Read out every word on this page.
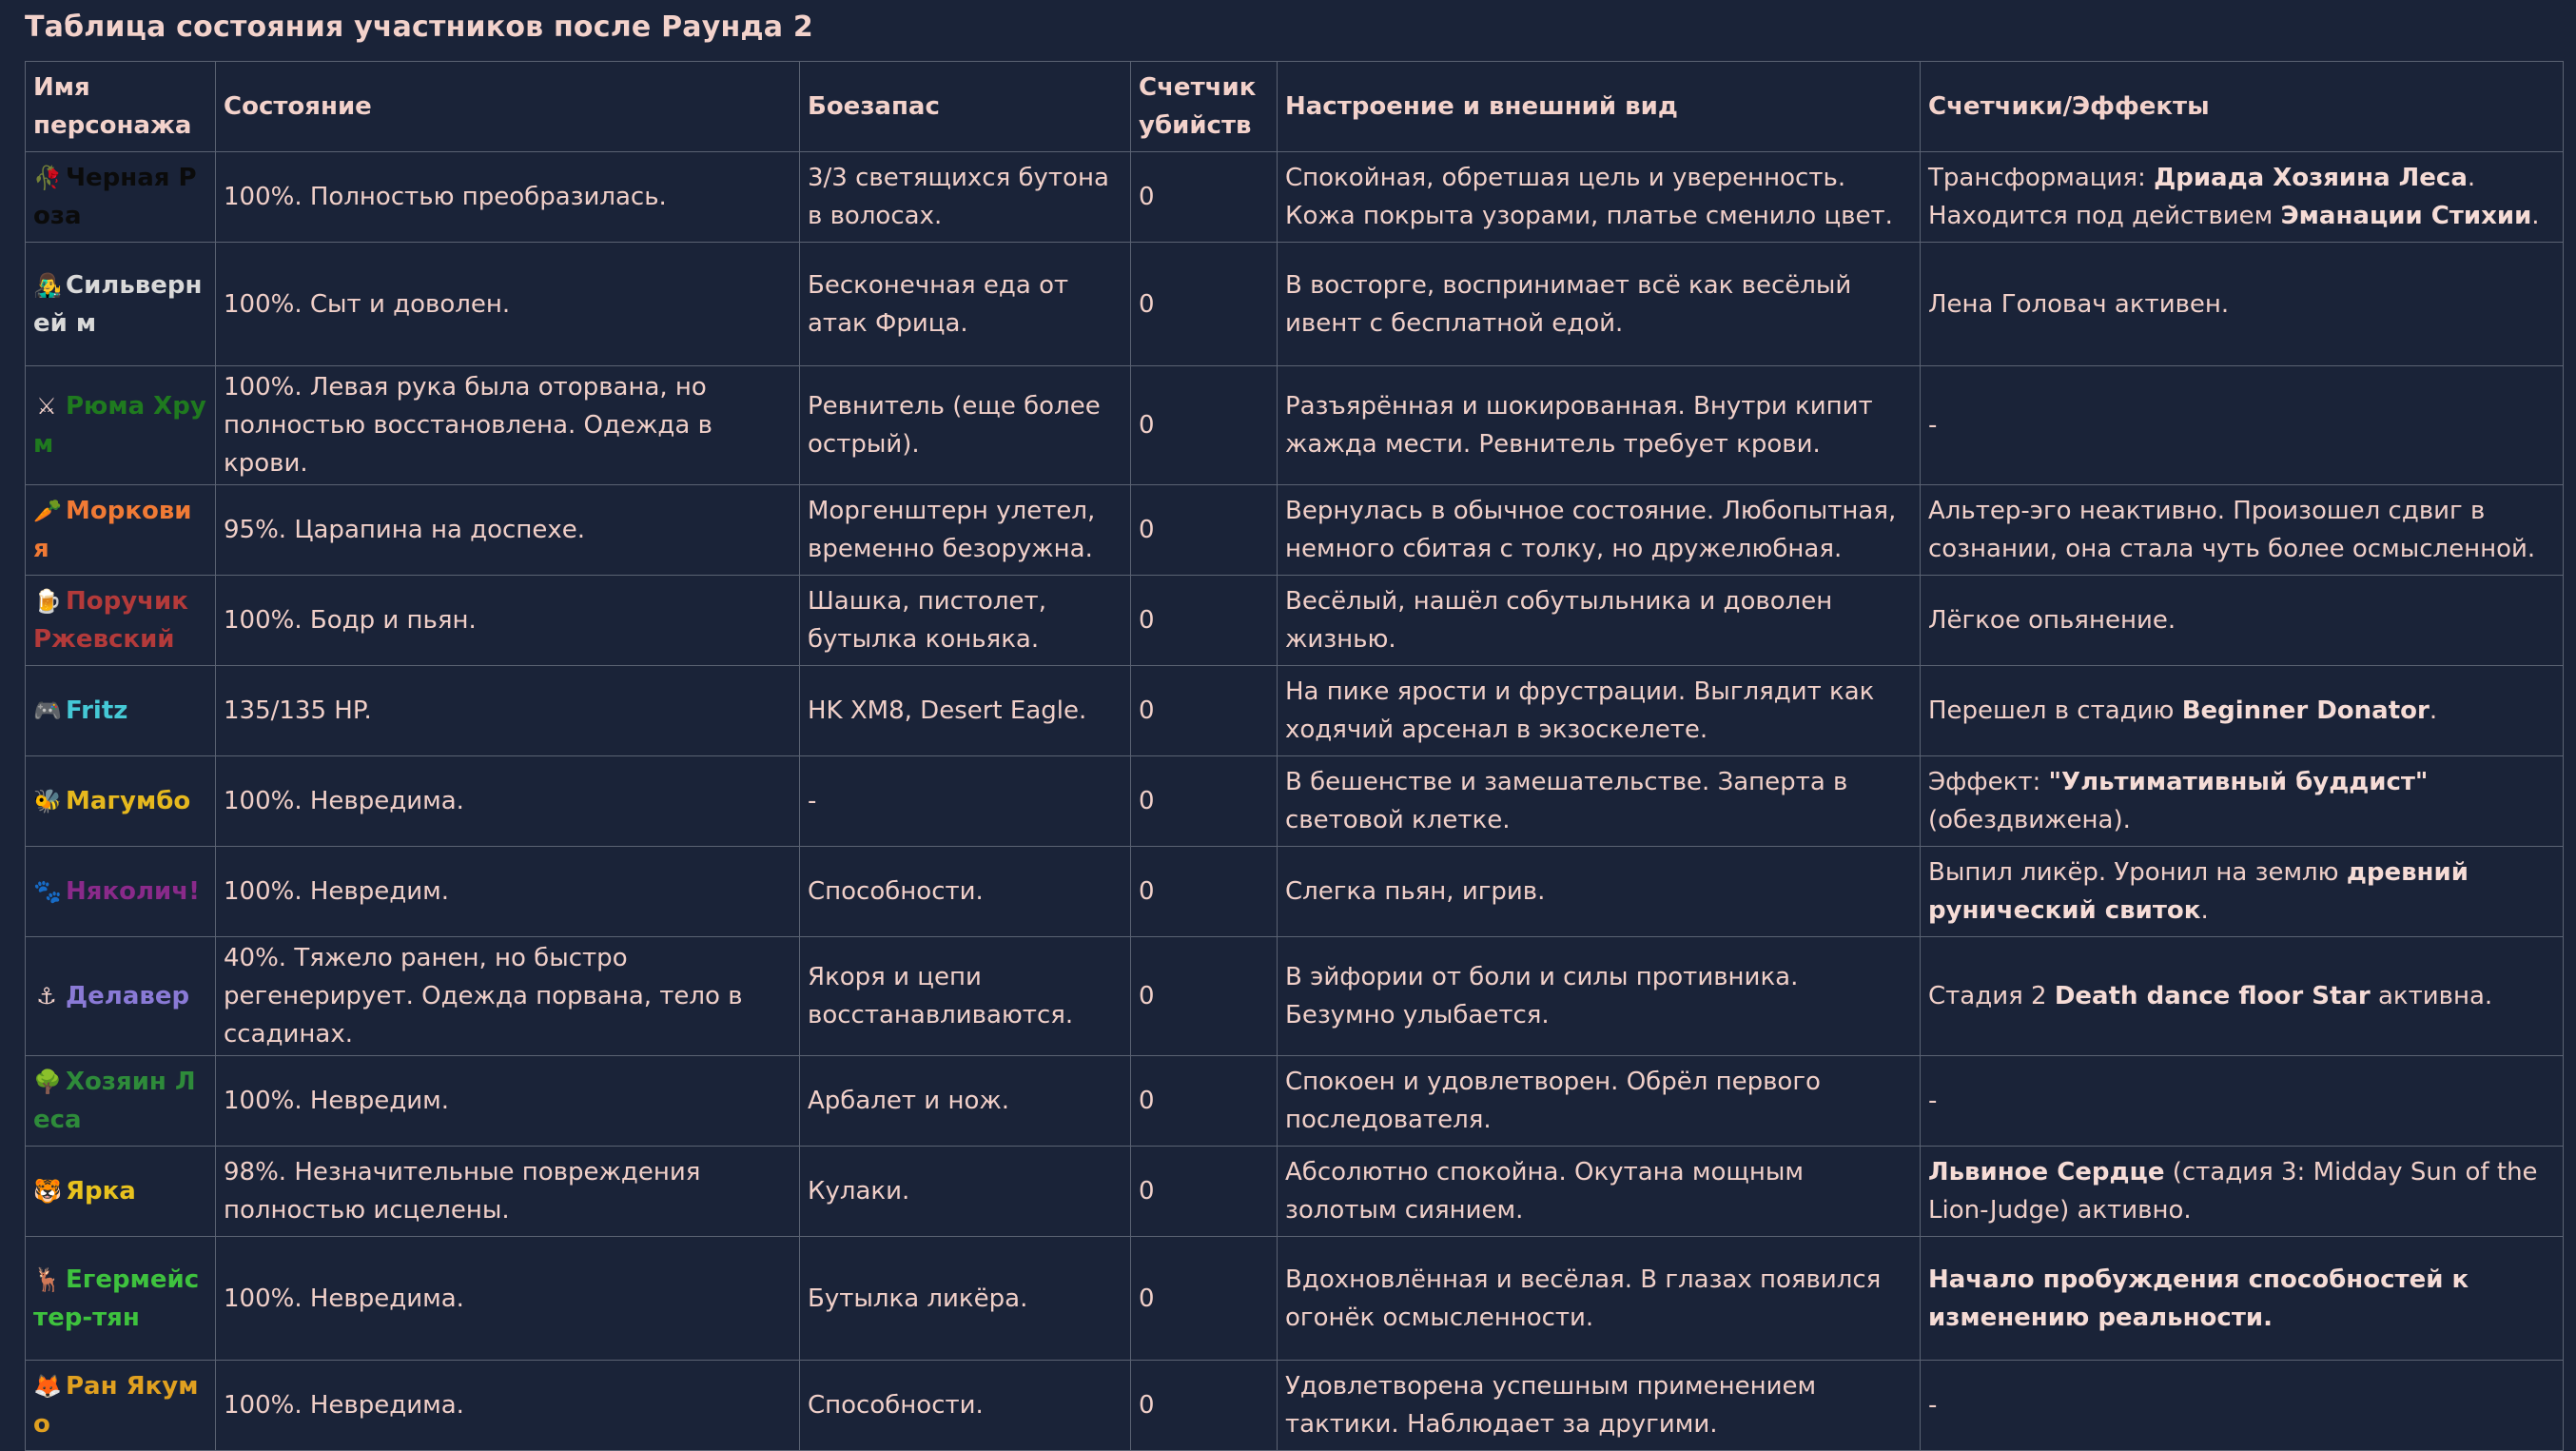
Таблица состояния участников после Раунда 2
Имя персонажа	Состояние	Боезапас	Счетчик убийств	Настроение и внешний вид	Счетчики/Эффекты
🥀 Черная Роза	100%. Полностью преобразилась.	3/3 светящихся бутона в волосах.	0	Спокойная, обретшая цель и уверенность. Кожа покрыта узорами, платье сменило цвет.	Трансформация: Дриада Хозяина Леса. Находится под действием Эманации Стихии.
👨‍🎤 Сильверней м	100%. Сыт и доволен.	Бесконечная еда от атак Фрица.	0	В восторге, воспринимает всё как весёлый ивент с бесплатной едой.	Лена Головач активен.
⚔ Рюма Хрум	100%. Левая рука была оторвана, но полностью восстановлена. Одежда в крови.	Ревнитель (еще более острый).	0	Разъярённая и шокированная. Внутри кипит жажда мести. Ревнитель требует крови.	-
🥕 Морковия	95%. Царапина на доспехе.	Моргенштерн улетел, временно безоружна.	0	Вернулась в обычное состояние. Любопытная, немного сбитая с толку, но дружелюбная.	Альтер-эго неактивно. Произошел сдвиг в сознании, она стала чуть более осмысленной.
🍺 Поручик Ржевский	100%. Бодр и пьян.	Шашка, пистолет, бутылка коньяка.	0	Весёлый, нашёл собутыльника и доволен жизнью.	Лёгкое опьянение.
🎮 Fritz	135/135 HP.	HK XM8, Desert Eagle.	0	На пике ярости и фрустрации. Выглядит как ходячий арсенал в экзоскелете.	Перешел в стадию Beginner Donator.
🐝 Магумбо	100%. Невредима.	-	0	В бешенстве и замешательстве. Заперта в световой клетке.	Эффект: "Ультимативный буддист" (обездвижена).
🐾 Няколич!	100%. Невредим.	Способности.	0	Слегка пьян, игрив.	Выпил ликёр. Уронил на землю древний рунический свиток.
⚓ Делавер	40%. Тяжело ранен, но быстро регенерирует. Одежда порвана, тело в ссадинах.	Якоря и цепи восстанавливаются.	0	В эйфории от боли и силы противника. Безумно улыбается.	Стадия 2 Death dance floor Star активна.
🌳 Хозяин Леса	100%. Невредим.	Арбалет и нож.	0	Спокоен и удовлетворен. Обрёл первого последователя.	-
🐯 Ярка	98%. Незначительные повреждения полностью исцелены.	Кулаки.	0	Абсолютно спокойна. Окутана мощным золотым сиянием.	Львиное Сердце (стадия 3: Midday Sun of the Lion-Judge) активно.
🦌 Егермейстер-тян	100%. Невредима.	Бутылка ликёра.	0	Вдохновлённая и весёлая. В глазах появился огонёк осмысленности.	Начало пробуждения способностей к изменению реальности.
🦊 Ран Якумо	100%. Невредима.	Способности.	0	Удовлетворена успешным применением тактики. Наблюдает за другими.	-
